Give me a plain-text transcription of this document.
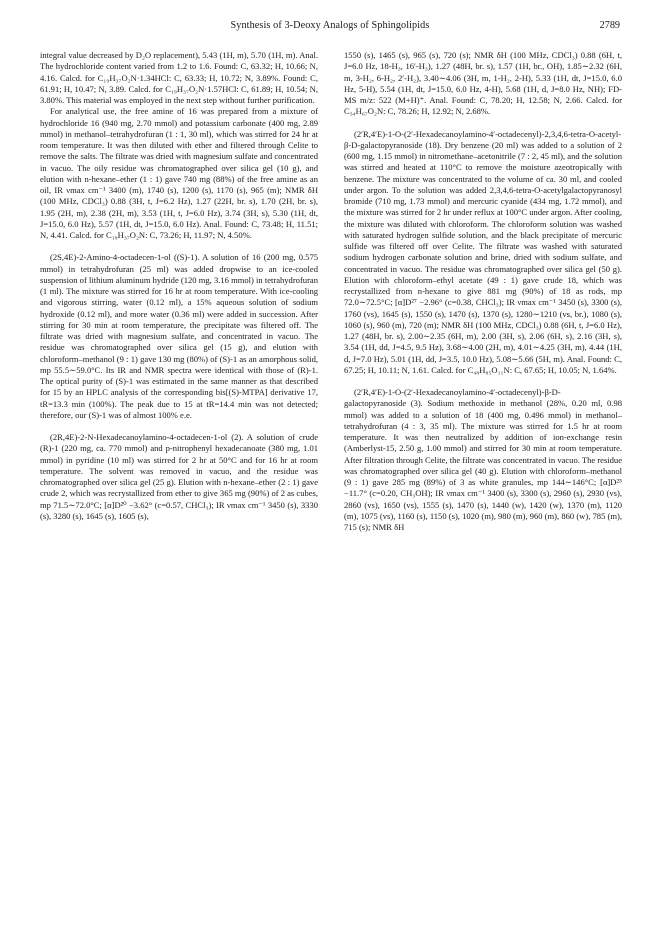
Synthesis of 3-Deoxy Analogs of Sphingolipids	2789

integral value decreased by D₂O replacement), 5.43 (1H, m), 5.70 (1H, m). Anal. The hydrochloride content varied from 1.2 to 1.6. Found: C, 63.32; H, 10.66; N, 4.16. Calcd. for C₁₉H₃₇O₂N·1.34HCl: C, 63.33; H, 10.72; N, 3.89%. Found: C, 61.91; H, 10.47; N, 3.89. Calcd. for C₁₉H₃₇O₂N·1.57HCl: C, 61.89; H, 10.54; N, 3.80%. This material was employed in the next step without further purification.

For analytical use, the free amine of 16 was prepared from a mixture of hydrochloride 16 (940 mg, 2.70 mmol) and potassium carbonate (400 mg, 2.89 mmol) in methanol–tetrahydrofuran (1 : 1, 30 ml), which was stirred for 24 hr at room temperature. It was then diluted with ether and filtered through Celite to remove the salts. The filtrate was dried with magnesium sulfate and concentrated in vacuo. The oily residue was chromatographed over silica gel (10 g), and elution with n-hexane–ether (1 : 1) gave 740 mg (88%) of the free amine as an oil, IR νmax cm⁻¹ 3400 (m), 1740 (s), 1200 (s), 1170 (s), 965 (m); NMR δH (100 MHz, CDCl₃) 0.88 (3H, t, J=6.2 Hz), 1.27 (22H, br. s), 1.70 (2H, br. s), 1.95 (2H, m), 2.38 (2H, m), 3.53 (1H, t, J=6.0 Hz), 3.74 (3H, s), 5.30 (1H, dt, J=15.0, 6.0 Hz), 5.57 (1H, dt, J=15.0, 6.0 Hz). Anal. Found: C, 73.48; H, 11.51; N, 4.41. Calcd. for C₁₉H₃₇O₂N: C, 73.26; H, 11.97; N, 4.50%.

(2S,4E)-2-Amino-4-octadecen-1-ol ((S)-1). A solution of 16 (200 mg, 0.575 mmol) in tetrahydrofuran (25 ml) was added dropwise to an ice-cooled suspension of lithium aluminum hydride (120 mg, 3.16 mmol) in tetrahydrofuran (1 ml). The mixture was stirred for 16 hr at room temperature. With ice-cooling and vigorous stirring, water (0.12 ml), a 15% aqueous solution of sodium hydroxide (0.12 ml), and more water (0.36 ml) were added in succession. After stirring for 30 min at room temperature, the precipitate was filtered off. The filtrate was dried with magnesium sulfate, and concentrated in vacuo. The residue was chromatographed over silica gel (15 g), and elution with chloroform–methanol (9 : 1) gave 130 mg (80%) of (S)-1 as an amorphous solid, mp 55.5∼59.0°C. Its IR and NMR spectra were identical with those of (R)-1. The optical purity of (S)-1 was estimated in the same manner as that described for 15 by an HPLC analysis of the corresponding bis[(S)-MTPA] derivative 17, tR=13.3 min (100%). The peak due to 15 at tR=14.4 min was not detected; therefore, our (S)-1 was of almost 100% e.e.

(2R,4E)-2-N-Hexadecanoylamino-4-octadecen-1-ol (2). A solution of crude (R)-1 (220 mg, ca. 770 mmol) and p-nitrophenyl hexadecanoate (380 mg, 1.01 mmol) in pyridine (10 ml) was stirred for 2 hr at 50°C and for 16 hr at room temperature. The solvent was removed in vacuo, and the residue was chromatographed over silica gel (25 g). Elution with n-hexane–ether (2 : 1) gave crude 2, which was recrystallized from ether to give 365 mg (90%) of 2 as cubes, mp 71.5∼72.0°C; [α]D²⁰ −3.62° (c=0.57, CHCl₃); IR νmax cm⁻¹ 3450 (s), 3330 (s), 3280 (s), 1645 (s), 1605 (s),

1550 (s), 1465 (s), 965 (s), 720 (s); NMR δH (100 MHz, CDCl₃) 0.88 (6H, t, J=6.0 Hz, 18-H₃, 16′-H₃), 1.27 (48H, br. s), 1.57 (1H, br., OH), 1.85∼2.32 (6H, m, 3-H₂, 6-H₂, 2′-H₂), 3.40∼4.06 (3H, m, 1-H₂, 2-H), 5.33 (1H, dt, J=15.0, 6.0 Hz, 5-H), 5.54 (1H, dt, J=15.0, 6.0 Hz, 4-H), 5.68 (1H, d, J=8.0 Hz, NH); FD-MS m/z: 522 (M+H)⁺. Anal. Found: C, 78.20; H, 12.58; N, 2.66. Calcd. for C₃₄H₆₇O₂N: C, 78.26; H, 12.92; N, 2.68%.

(2′R,4′E)-1-O-(2′-Hexadecanoylamino-4′-octadecenyl)-2,3,4,6-tetra-O-acetyl-β-D-galactopyranoside (18). Dry benzene (20 ml) was added to a solution of 2 (600 mg, 1.15 mmol) in nitromethane–acetonitrile (7 : 2, 45 ml), and the solution was stirred and heated at 110°C to remove the moisture azeotropically with benzene. The mixture was concentrated to the volume of ca. 30 ml, and cooled under argon. To the solution was added 2,3,4,6-tetra-O-acetylgalactopyranosyl bromide (710 mg, 1.73 mmol) and mercuric cyanide (434 mg, 1.72 mmol), and the mixture was stirred for 2 hr under reflux at 100°C under argon. After cooling, the mixture was diluted with chloroform. The chloroform solution was washed with saturated hydrogen sulfide solution, and the black precipitate of mercuric sulfide was filtered off over Celite. The filtrate was washed with saturated sodium hydrogen carbonate solution and brine, dried with sodium sulfate, and concentrated in vacuo. The residue was chromatographed over silica gel (50 g). Elution with chloroform–ethyl acetate (49 : 1) gave crude 18, which was recrystallized from n-hexane to give 881 mg (90%) of 18 as rods, mp 72.0∼72.5°C; [α]D²⁷ −2.96° (c=0.38, CHCl₃); IR νmax cm⁻¹ 3450 (s), 3300 (s), 1760 (vs), 1645 (s), 1550 (s), 1470 (s), 1370 (s), 1280∼1210 (vs, br.), 1080 (s), 1060 (s), 960 (m), 720 (m); NMR δH (100 MHz, CDCl₃) 0.88 (6H, t, J=6.0 Hz), 1.27 (48H, br. s), 2.00∼2.35 (6H, m), 2.00 (3H, s), 2.06 (6H, s), 2.16 (3H, s), 3.54 (1H, dd, J=4.5, 9.5 Hz), 3.68∼4.00 (2H, m), 4.01∼4.25 (3H, m), 4.44 (1H, d, J=7.0 Hz), 5.01 (1H, dd, J=3.5, 10.0 Hz), 5.08∼5.66 (5H, m). Anal. Found: C, 67.25; H, 10.11; N, 1.61. Calcd. for C₄₈H₈₅O₁₁N: C, 67.65; H, 10.05; N, 1.64%.

(2′R,4′E)-1-O-(2′-Hexadecanoylamino-4′-octadecenyl)-β-D-galactopyranoside (3). Sodium methoxide in methanol (28%, 0.20 ml, 0.98 mmol) was added to a solution of 18 (400 mg, 0.496 mmol) in methanol–tetrahydrofuran (4 : 3, 35 ml). The mixture was stirred for 1.5 hr at room temperature. It was then neutralized by addition of ion-exchange resin (Amberlyst-15, 2.50 g, 1.00 mmol) and stirred for 30 min at room temperature. After filtration through Celite, the filtrate was concentrated in vacuo. The residue was chromatographed over silica gel (40 g). Elution with chloroform–methanol (9 : 1) gave 285 mg (89%) of 3 as white granules, mp 144∼146°C; [α]D²⁵ −11.7° (c=0.20, CH₃OH); IR νmax cm⁻¹ 3400 (s), 3300 (s), 2960 (s), 2930 (vs), 2860 (vs), 1650 (vs), 1555 (s), 1470 (s), 1440 (w), 1420 (w), 1370 (m), 1120 (m), 1075 (vs), 1160 (s), 1150 (s), 1020 (m), 980 (m), 960 (m), 860 (w), 785 (m), 715 (s); NMR δH
